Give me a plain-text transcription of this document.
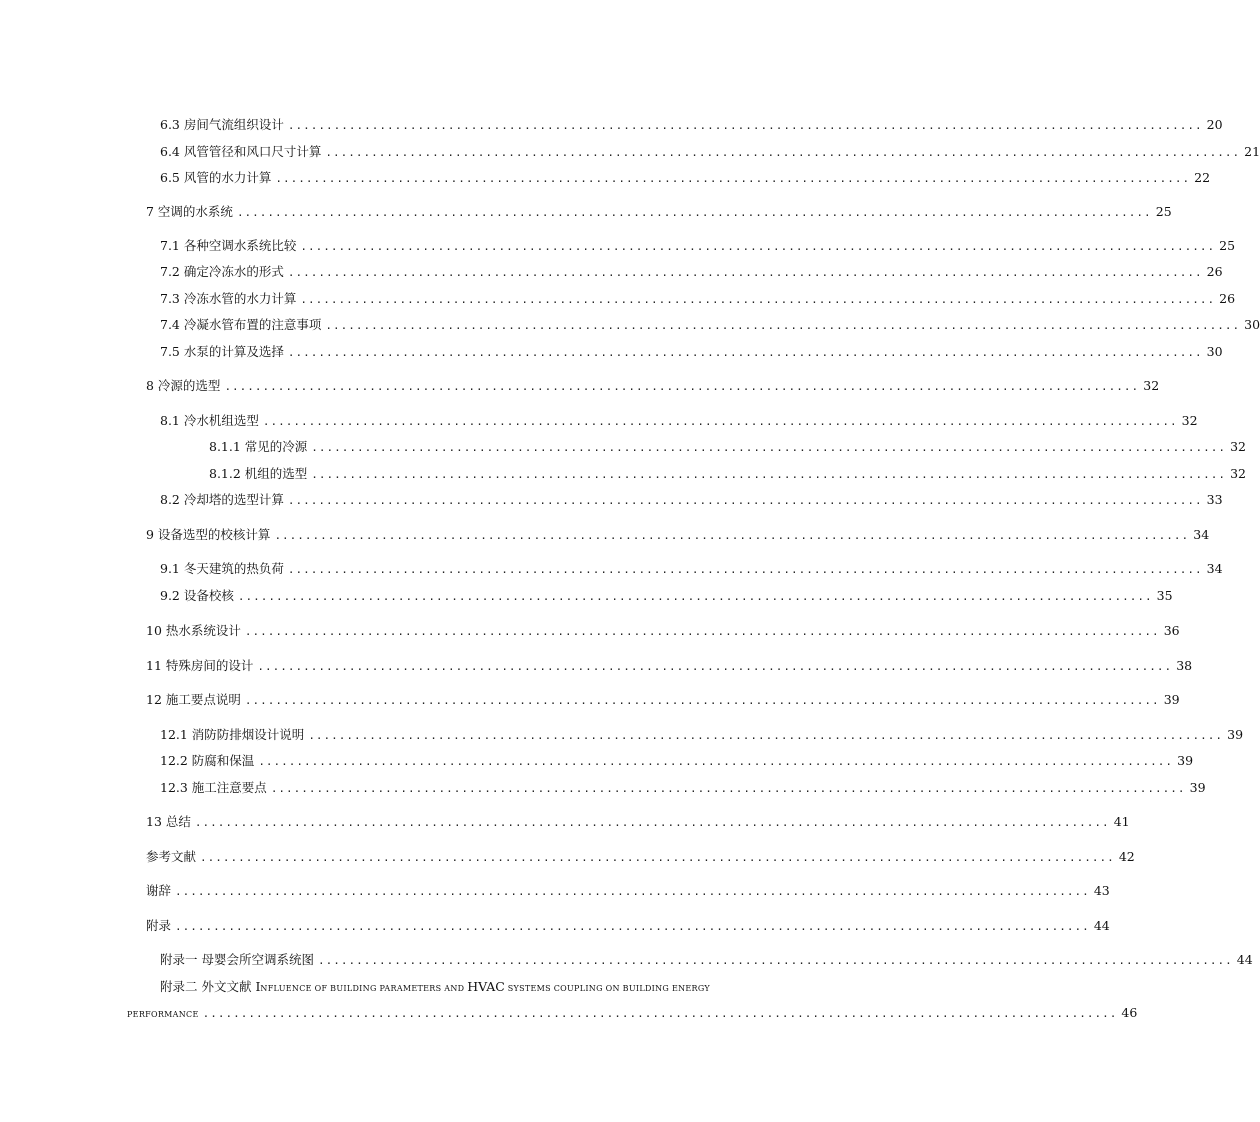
6.3 房间气流组织设计 ........................................................................................................................ 20
6.4 风管管径和风口尺寸计算 ........................................................................................................................ 21
6.5 风管的水力计算 ........................................................................................................................ 22
7 空调的水系统 ........................................................................................................................ 25
7.1 各种空调水系统比较 ........................................................................................................................ 25
7.2 确定冷冻水的形式 ........................................................................................................................ 26
7.3 冷冻水管的水力计算 ........................................................................................................................ 26
7.4 冷凝水管布置的注意事项 ........................................................................................................................ 30
7.5 水泵的计算及选择 ........................................................................................................................ 30
8 冷源的选型 ........................................................................................................................ 32
8.1 冷水机组选型 ........................................................................................................................ 32
8.1.1 常见的冷源 ........................................................................................................................ 32
8.1.2 机组的选型 ........................................................................................................................ 32
8.2 冷却塔的选型计算 ........................................................................................................................ 33
9 设备选型的校核计算 ........................................................................................................................ 34
9.1 冬天建筑的热负荷 ........................................................................................................................ 34
9.2 设备校核 ........................................................................................................................ 35
10 热水系统设计 ........................................................................................................................ 36
11 特殊房间的设计 ........................................................................................................................ 38
12 施工要点说明 ........................................................................................................................ 39
12.1 消防防排烟设计说明 ........................................................................................................................ 39
12.2 防腐和保温 ........................................................................................................................ 39
12.3 施工注意要点 ........................................................................................................................ 39
13 总结 ........................................................................................................................ 41
参考文献 ........................................................................................................................ 42
谢辞 ........................................................................................................................ 43
附录 ........................................................................................................................ 44
附录一 母婴会所空调系统图 ........................................................................................................................ 44
附录二 外文文献 INFLUENCE OF BUILDING PARAMETERS AND HVAC SYSTEMS COUPLING ON BUILDING ENERGY
PERFORMANCE ........................................................................................................................ 46
